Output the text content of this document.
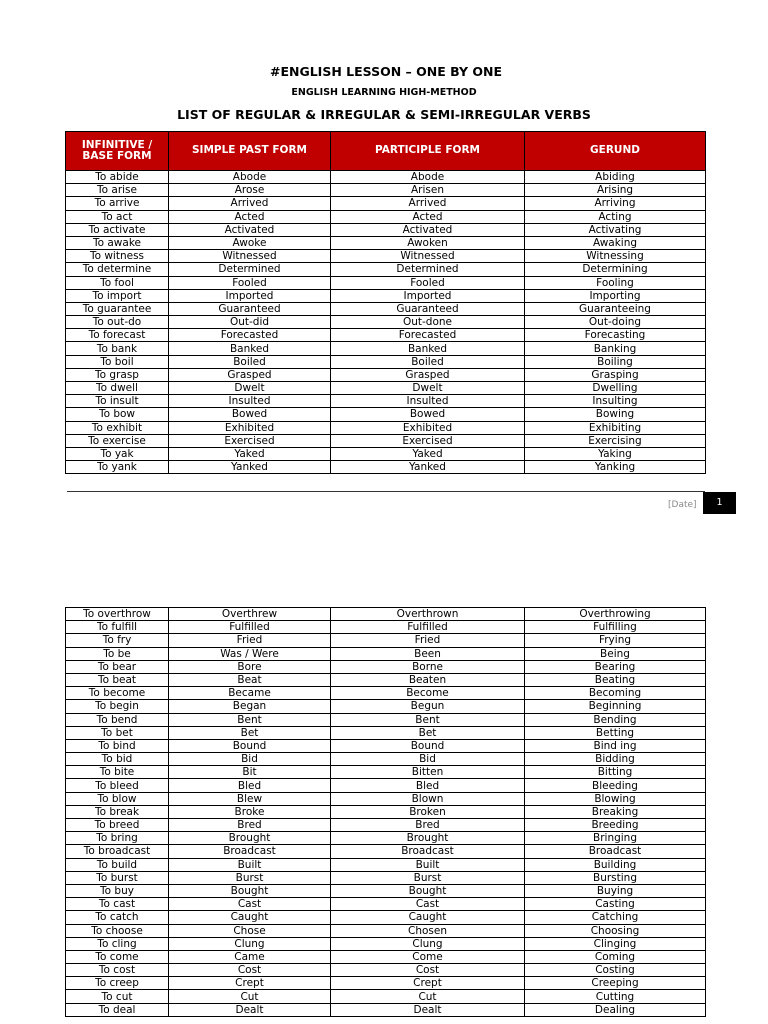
#ENGLISH LESSON – ONE BY ONE
ENGLISH LEARNING HIGH-METHOD
LIST OF REGULAR & IRREGULAR & SEMI-IRREGULAR VERBS
INFINITIVE / BASE FORM	SIMPLE PAST FORM	PARTICIPLE FORM	GERUND
To abide	Abode	Abode	Abiding
To arise	Arose	Arisen	Arising
To arrive	Arrived	Arrived	Arriving
To act	Acted	Acted	Acting
To activate	Activated	Activated	Activating
To awake	Awoke	Awoken	Awaking
To witness	Witnessed	Witnessed	Witnessing
To determine	Determined	Determined	Determining
To fool	Fooled	Fooled	Fooling
To import	Imported	Imported	Importing
To guarantee	Guaranteed	Guaranteed	Guaranteeing
To out-do	Out-did	Out-done	Out-doing
To forecast	Forecasted	Forecasted	Forecasting
To bank	Banked	Banked	Banking
To boil	Boiled	Boiled	Boiling
To grasp	Grasped	Grasped	Grasping
To dwell	Dwelt	Dwelt	Dwelling
To insult	Insulted	Insulted	Insulting
To bow	Bowed	Bowed	Bowing
To exhibit	Exhibited	Exhibited	Exhibiting
To exercise	Exercised	Exercised	Exercising
To yak	Yaked	Yaked	Yaking
To yank	Yanked	Yanked	Yanking
[Date]	1
To overthrow	Overthrew	Overthrown	Overthrowing
To fulfill	Fulfilled	Fulfilled	Fulfilling
To fry	Fried	Fried	Frying
To be	Was / Were	Been	Being
To bear	Bore	Borne	Bearing
To beat	Beat	Beaten	Beating
To become	Became	Become	Becoming
To begin	Began	Begun	Beginning
To bend	Bent	Bent	Bending
To bet	Bet	Bet	Betting
To bind	Bound	Bound	Bind ing
To bid	Bid	Bid	Bidding
To bite	Bit	Bitten	Bitting
To bleed	Bled	Bled	Bleeding
To blow	Blew	Blown	Blowing
To break	Broke	Broken	Breaking
To breed	Bred	Bred	Breeding
To bring	Brought	Brought	Bringing
To broadcast	Broadcast	Broadcast	Broadcast
To build	Built	Built	Building
To burst	Burst	Burst	Bursting
To buy	Bought	Bought	Buying
To cast	Cast	Cast	Casting
To catch	Caught	Caught	Catching
To choose	Chose	Chosen	Choosing
To cling	Clung	Clung	Clinging
To come	Came	Come	Coming
To cost	Cost	Cost	Costing
To creep	Crept	Crept	Creeping
To cut	Cut	Cut	Cutting
To deal	Dealt	Dealt	Dealing
